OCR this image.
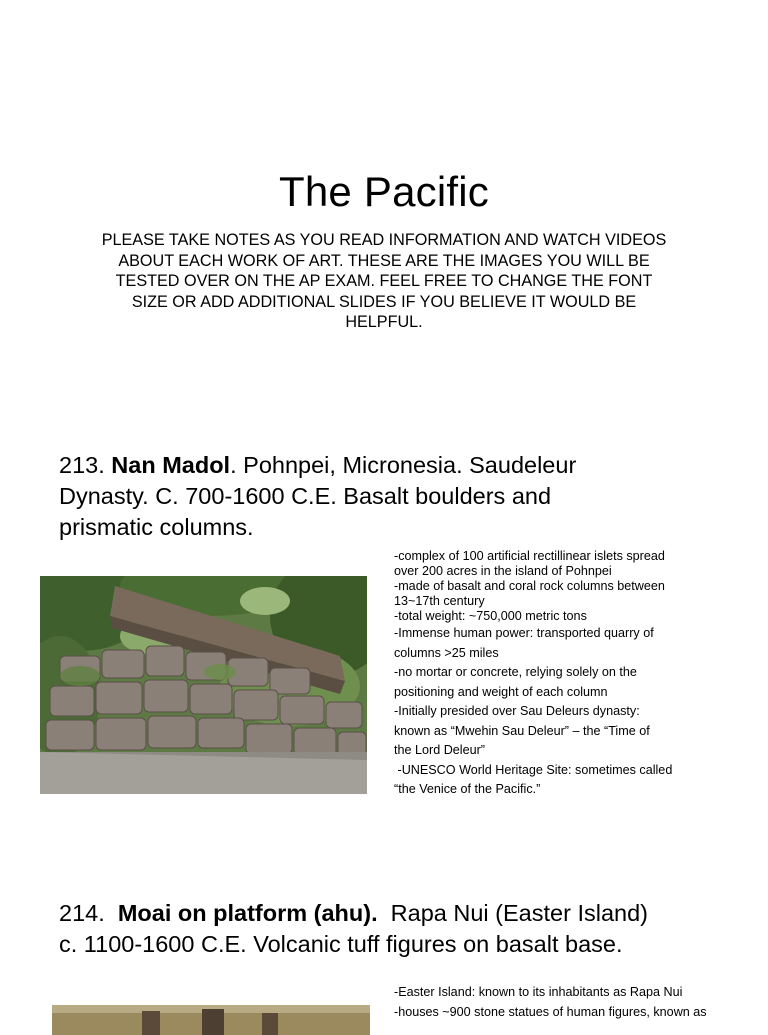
The Pacific
PLEASE TAKE NOTES AS YOU READ INFORMATION AND WATCH VIDEOS ABOUT EACH WORK OF ART. THESE ARE THE IMAGES YOU WILL BE TESTED OVER ON THE AP EXAM. FEEL FREE TO CHANGE THE FONT SIZE OR ADD ADDITIONAL SLIDES IF YOU BELIEVE IT WOULD BE HELPFUL.
213. Nan Madol. Pohnpei, Micronesia. Saudeleur
Dynasty. C. 700-1600 C.E. Basalt boulders and
prismatic columns.
-complex of 100 artificial rectillinear islets spread
over 200 acres in the island of Pohnpei
-made of basalt and coral rock columns between
13~17th century
-total weight: ~750,000 metric tons
-Immense human power: transported quarry of
columns >25 miles
-no mortar or concrete, relying solely on the
positioning and weight of each column
-Initially presided over Sau Deleurs dynasty:
known as “Mwehin Sau Deleur” – the “Time of
the Lord Deleur”
-UNESCO World Heritage Site: sometimes called
“the Venice of the Pacific.”
214. Moai on platform (ahu).  Rapa Nui (Easter Island)
c. 1100-1600 C.E. Volcanic tuff figures on basalt base.
-Easter Island: known to its inhabitants as Rapa Nui
-houses ~900 stone statues of human figures, known as
